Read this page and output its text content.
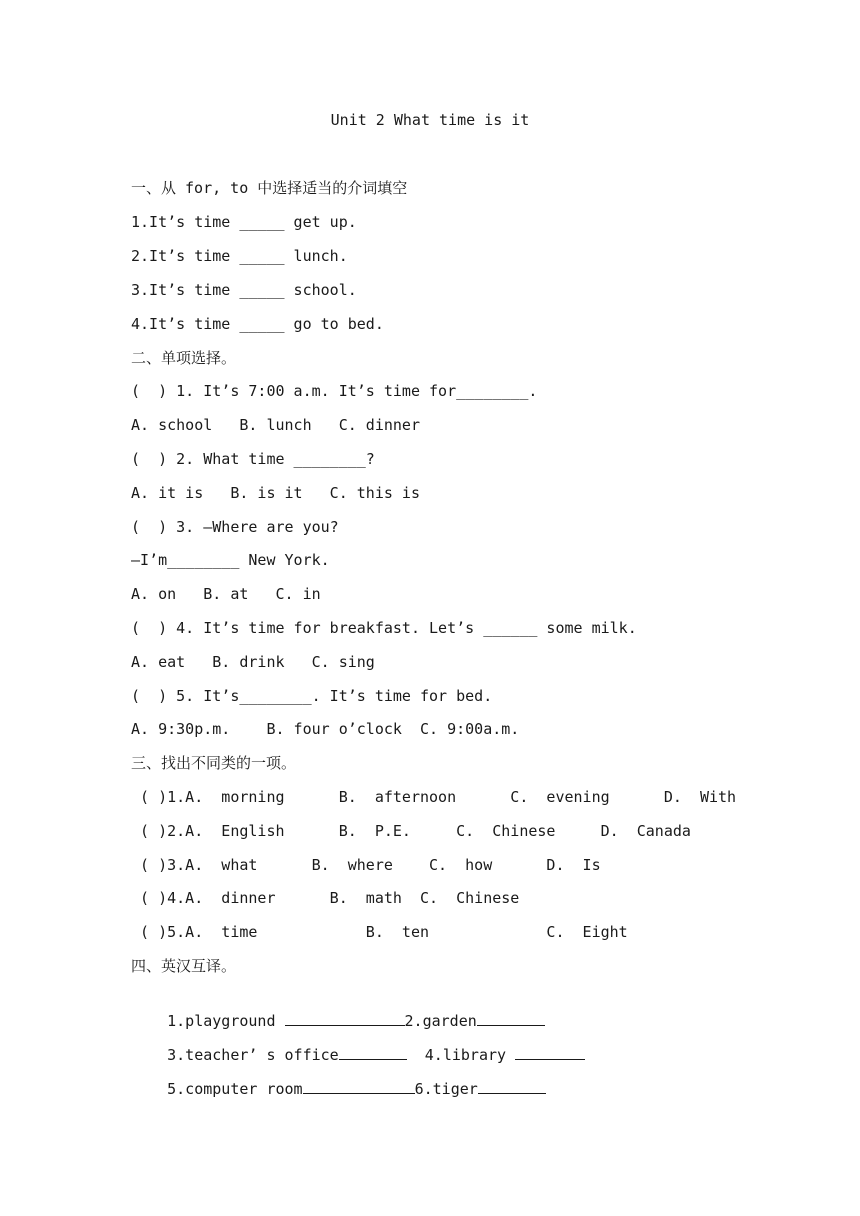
Unit 2 What time is it
一、从 for, to 中选择适当的介词填空
1.It’s time _____ get up.
2.It’s time _____ lunch.
3.It’s time _____ school.
4.It’s time _____ go to bed.
二、单项选择。
(  ) 1. It’s 7:00 a.m. It’s time for________.
A. school   B. lunch   C. dinner
(  ) 2. What time ________?
A. it is   B. is it   C. this is
(  ) 3. —Where are you?
—I’m________ New York.
A. on   B. at   C. in
(  ) 4. It’s time for breakfast. Let’s ______ some milk.
A. eat   B. drink   C. sing
(  ) 5. It’s________. It’s time for bed.
A. 9:30p.m.    B. four o’clock  C. 9:00a.m.
三、找出不同类的一项。
( )1.A.  morning      B.  afternoon      C.  evening      D.  With
( )2.A.  English      B.  P.E.     C.  Chinese     D.  Canada
( )3.A.  what      B.  where    C.  how      D.  Is
( )4.A.  dinner      B.  math  C.  Chinese
( )5.A.  time            B.  ten             C.  Eight
四、英汉互译。

1.playground	2.garden

3.teacher’ s office	4.library

5.computer room	6.tiger
